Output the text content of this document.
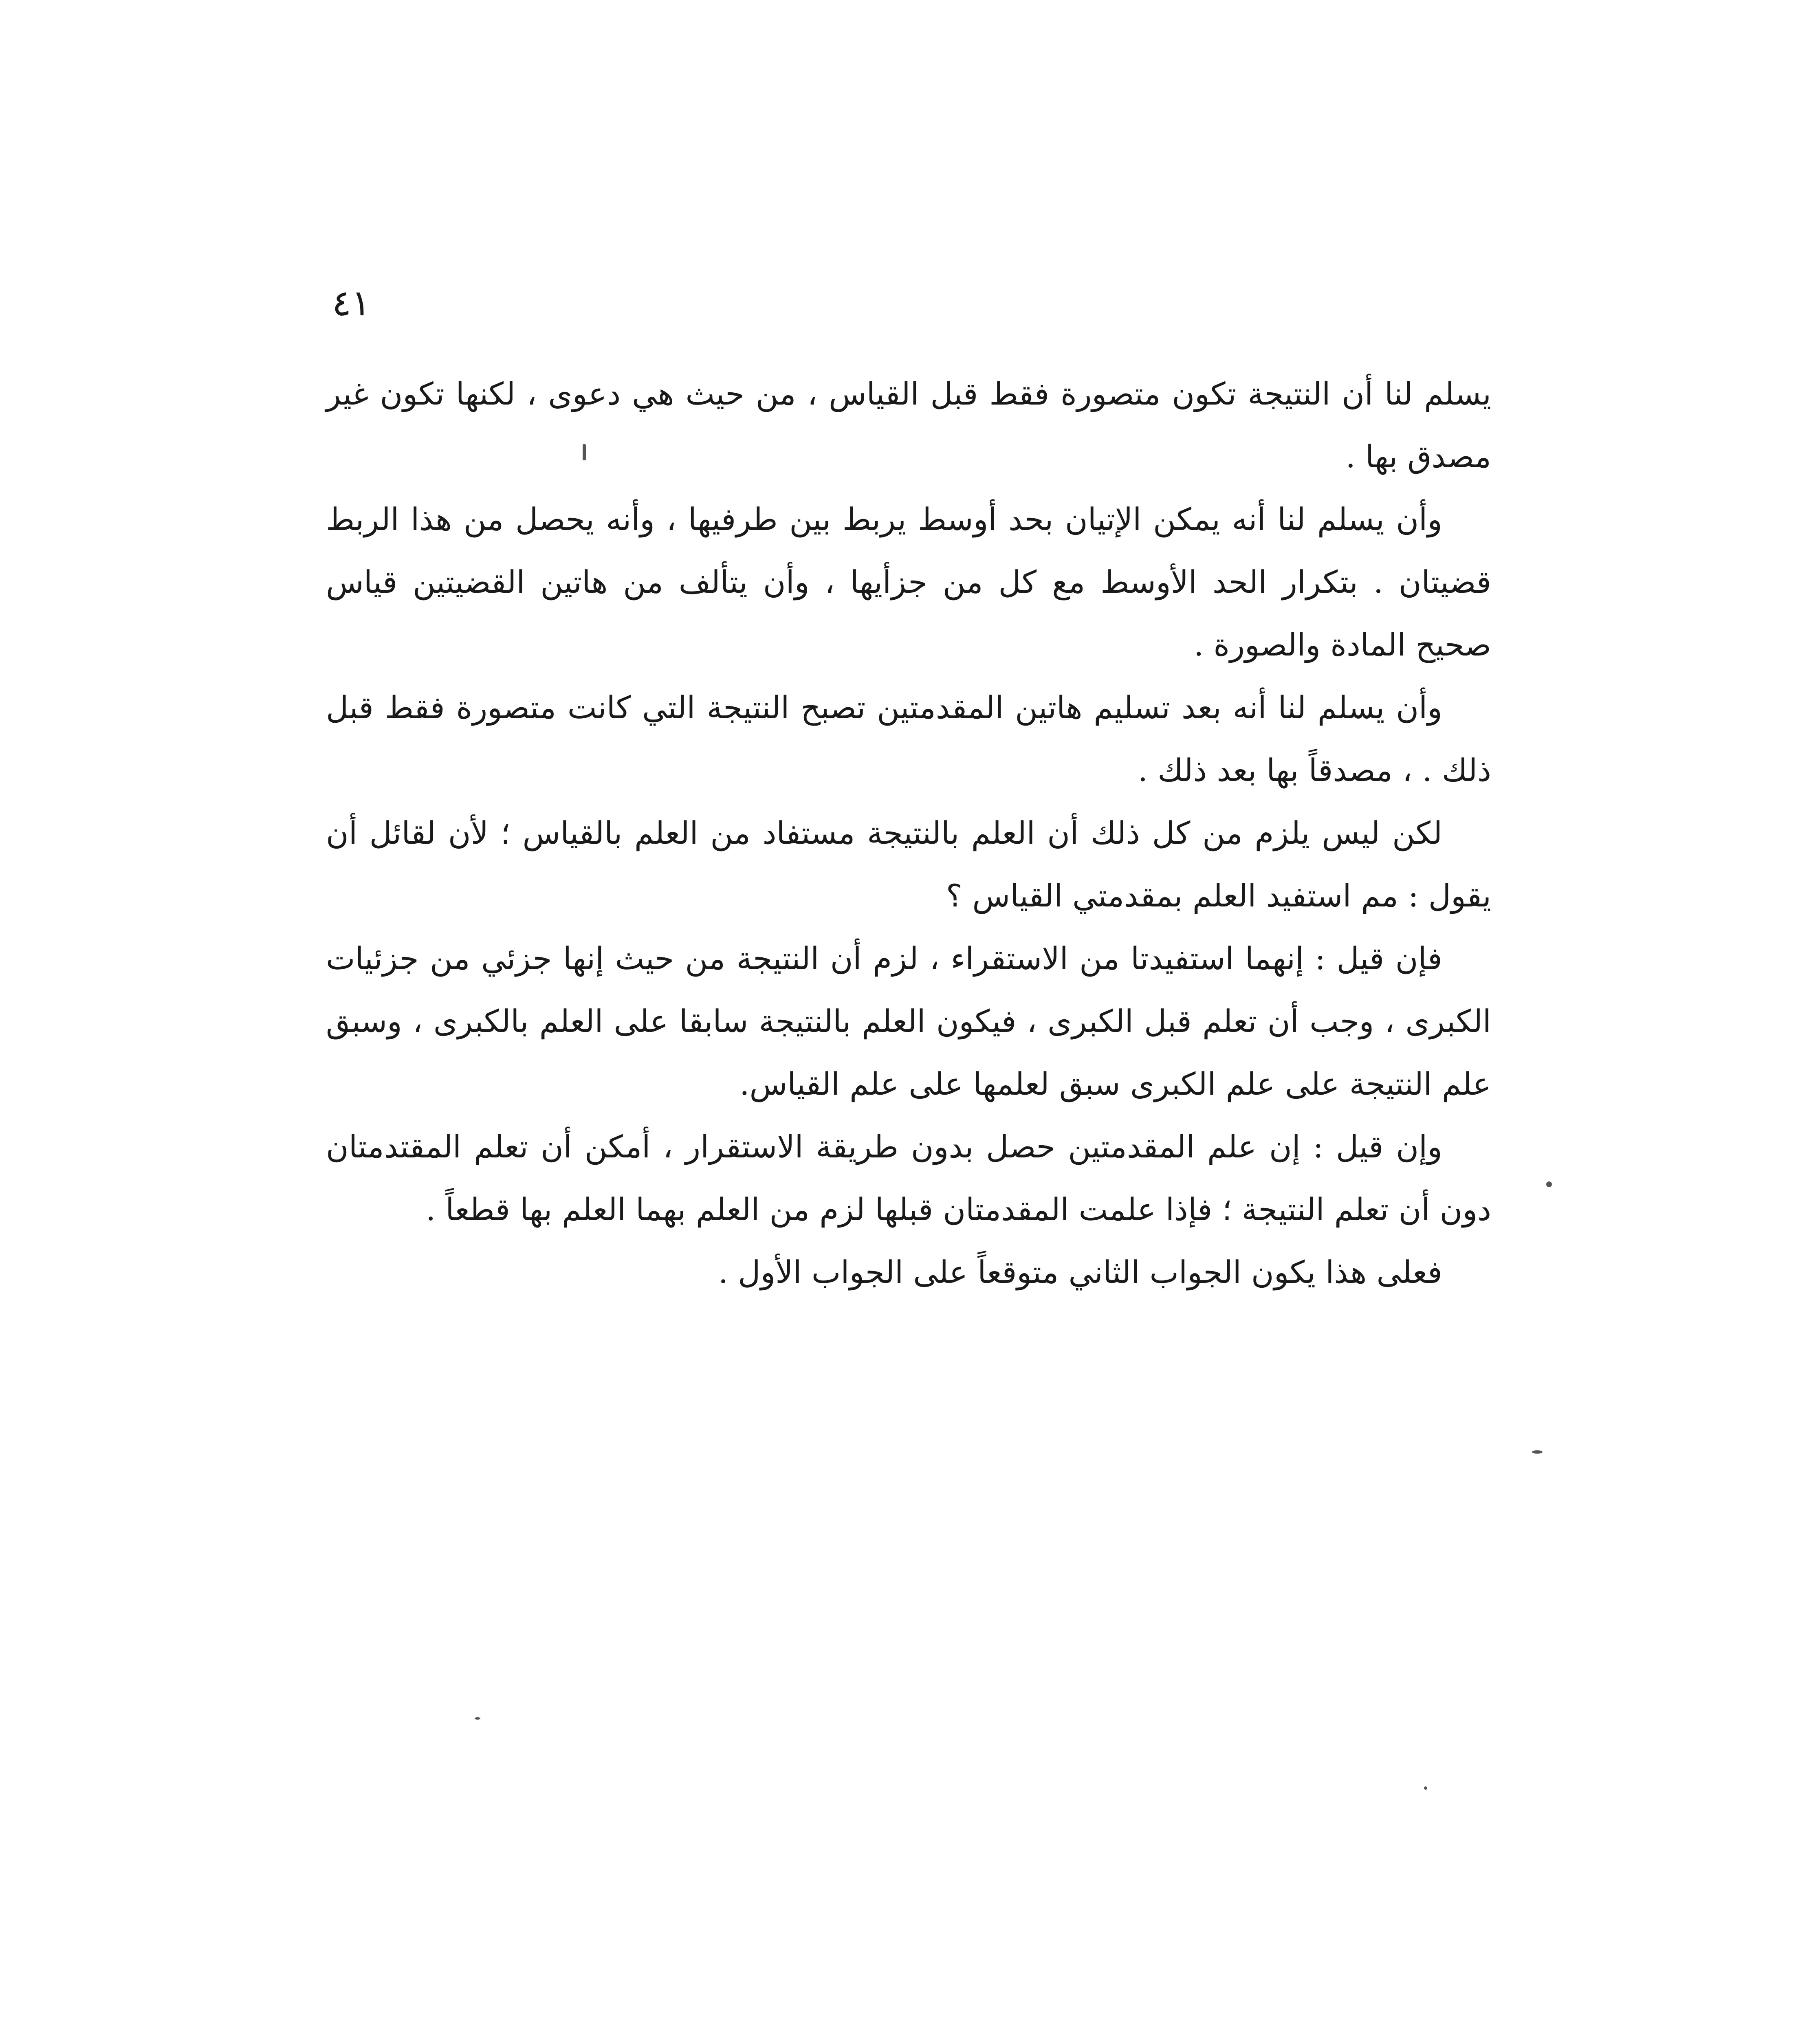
٤١

يسلم لنا أن النتيجة تكون متصورة فقط قبل القياس ، من حيث هي دعوى ، لكنها تكون غير مصدق بها .

وأن يسلم لنا أنه يمكن الإتيان بحد أوسط يربط بين طرفيها ، وأنه يحصل من هذا الربط قضيتان . بتكرار الحد الأوسط مع كل من جزأيها ، وأن يتألف من هاتين القضيتين قياس صحيح المادة والصورة .

وأن يسلم لنا أنه بعد تسليم هاتين المقدمتين تصبح النتيجة التي كانت متصورة فقط قبل ذلك . ، مصدقاً بها بعد ذلك .

لكن ليس يلزم من كل ذلك أن العلم بالنتيجة مستفاد من العلم بالقياس ؛ لأن لقائل أن يقول : مم استفيد العلم بمقدمتي القياس ؟

فإن قيل : إنهما استفيدتا من الاستقراء ، لزم أن النتيجة من حيث إنها جزئي من جزئيات الكبرى ، وجب أن تعلم قبل الكبرى ، فيكون العلم بالنتيجة سابقا على العلم بالكبرى ، وسبق علم النتيجة على علم الكبرى سبق لعلمها على علم القياس.

وإن قيل : إن علم المقدمتين حصل بدون طريقة الاستقرار ، أمكن أن تعلم المقتدمتان دون أن تعلم النتيجة ؛ فإذا علمت المقدمتان قبلها لزم من العلم بهما العلم بها قطعاً .

فعلى هذا يكون الجواب الثاني متوقعاً على الجواب الأول .
